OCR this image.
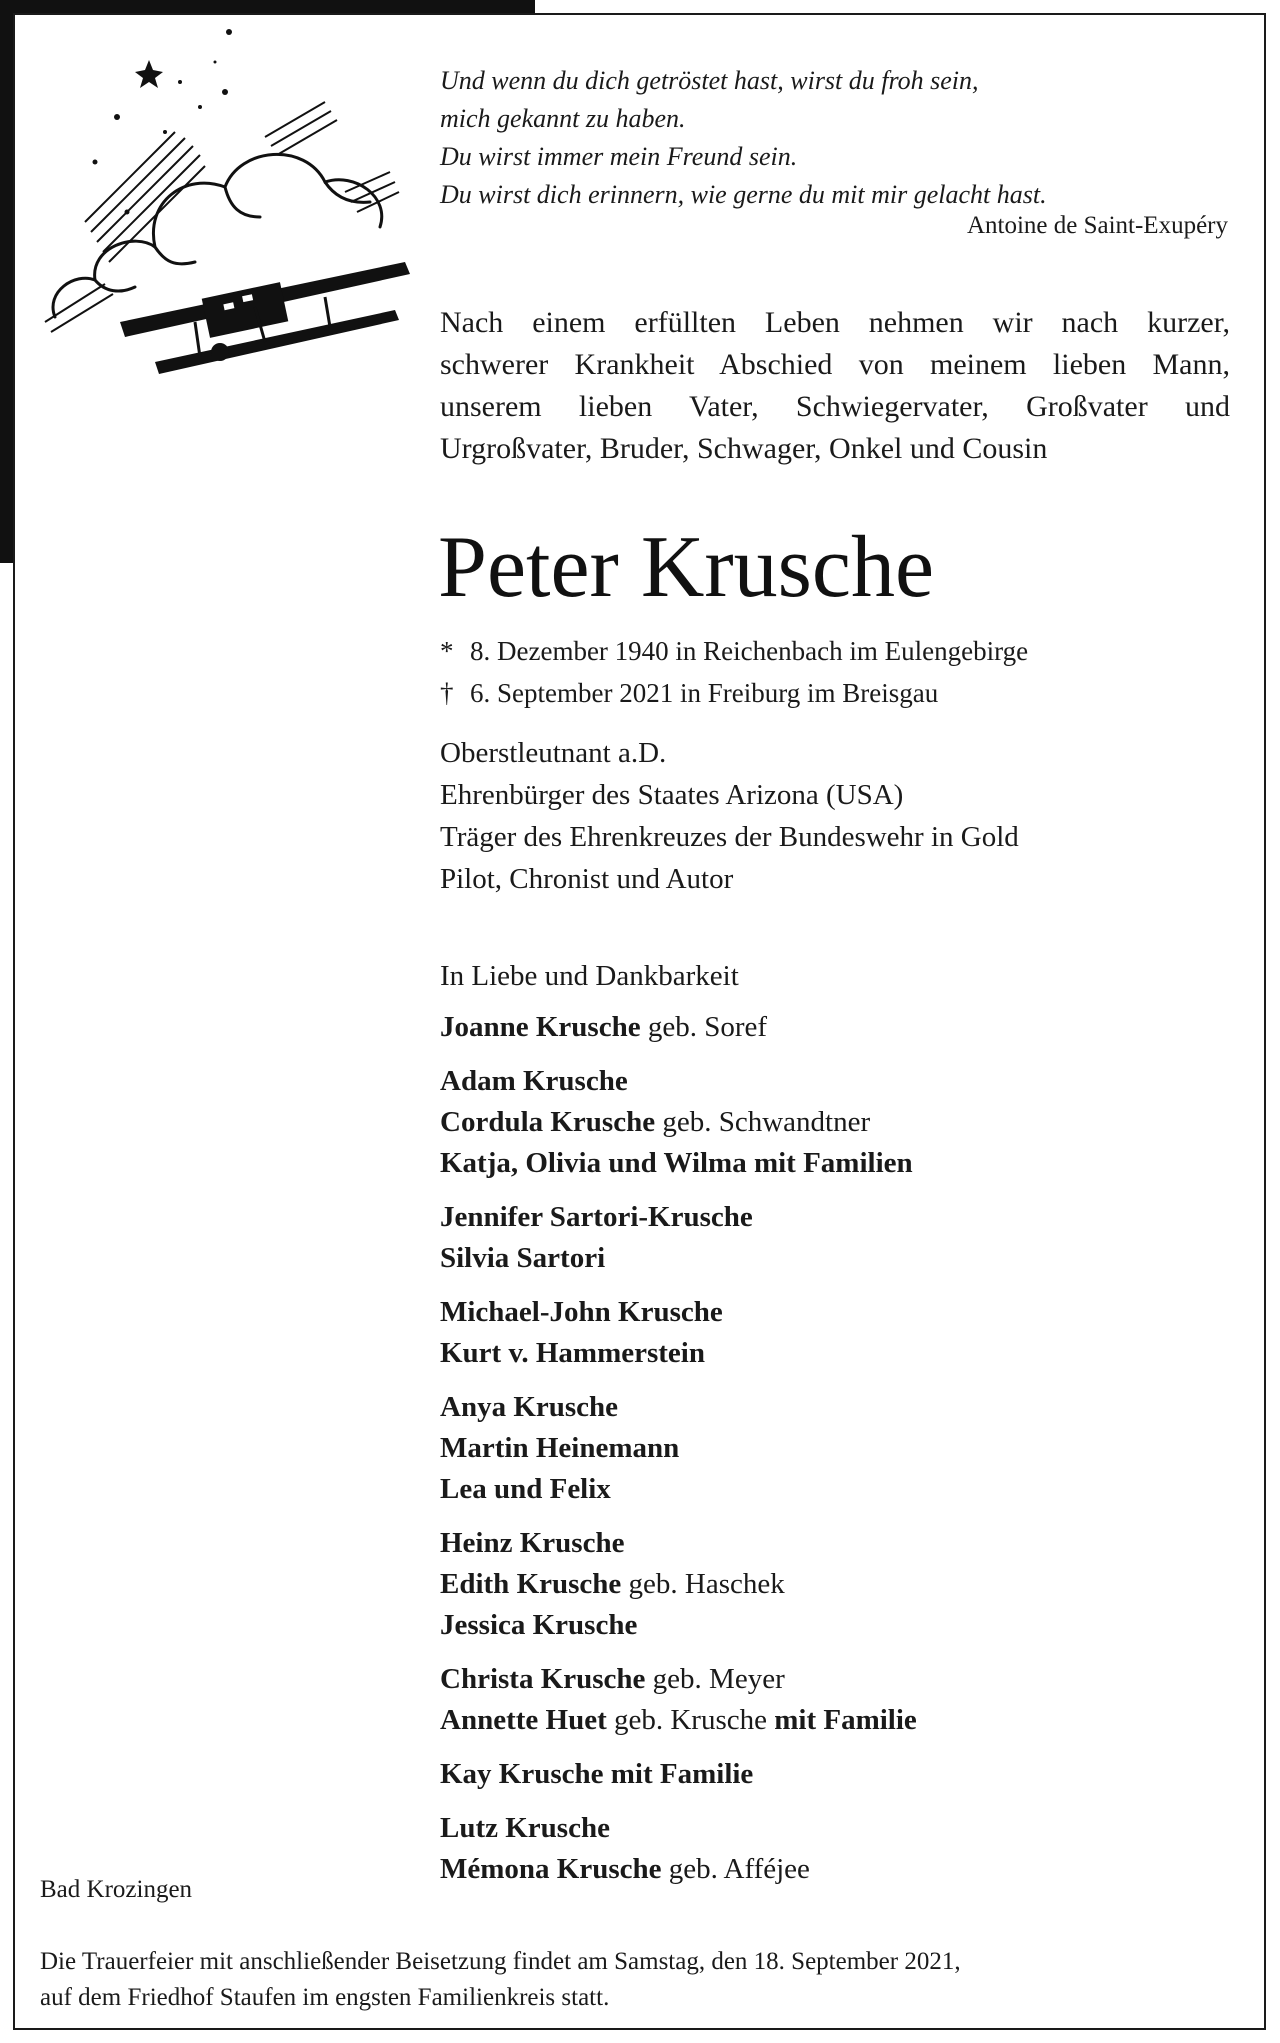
Und wenn du dich getröstet hast, wirst du froh sein,
mich gekannt zu haben.
Du wirst immer mein Freund sein.
Du wirst dich erinnern, wie gerne du mit mir gelacht hast.
Antoine de Saint-Exupéry
Nach einem erfüllten Leben nehmen wir nach kurzer,
schwerer Krankheit Abschied von meinem lieben Mann,
unserem lieben Vater, Schwiegervater, Großvater und
Urgroßvater, Bruder, Schwager, Onkel und Cousin
Peter Krusche
* 8. Dezember 1940 in Reichenbach im Eulengebirge
† 6. September 2021 in Freiburg im Breisgau
Oberstleutnant a.D.
Ehrenbürger des Staates Arizona (USA)
Träger des Ehrenkreuzes der Bundeswehr in Gold
Pilot, Chronist und Autor
In Liebe und Dankbarkeit
Joanne Krusche geb. Soref
Adam Krusche
Cordula Krusche geb. Schwandtner
Katja, Olivia und Wilma mit Familien
Jennifer Sartori-Krusche
Silvia Sartori
Michael-John Krusche
Kurt v. Hammerstein
Anya Krusche
Martin Heinemann
Lea und Felix
Heinz Krusche
Edith Krusche geb. Haschek
Jessica Krusche
Christa Krusche geb. Meyer
Annette Huet geb. Krusche mit Familie
Kay Krusche mit Familie
Lutz Krusche
Mémona Krusche geb. Afféjee
Bad Krozingen
Die Trauerfeier mit anschließender Beisetzung findet am Samstag, den 18. September 2021,
auf dem Friedhof Staufen im engsten Familienkreis statt.
